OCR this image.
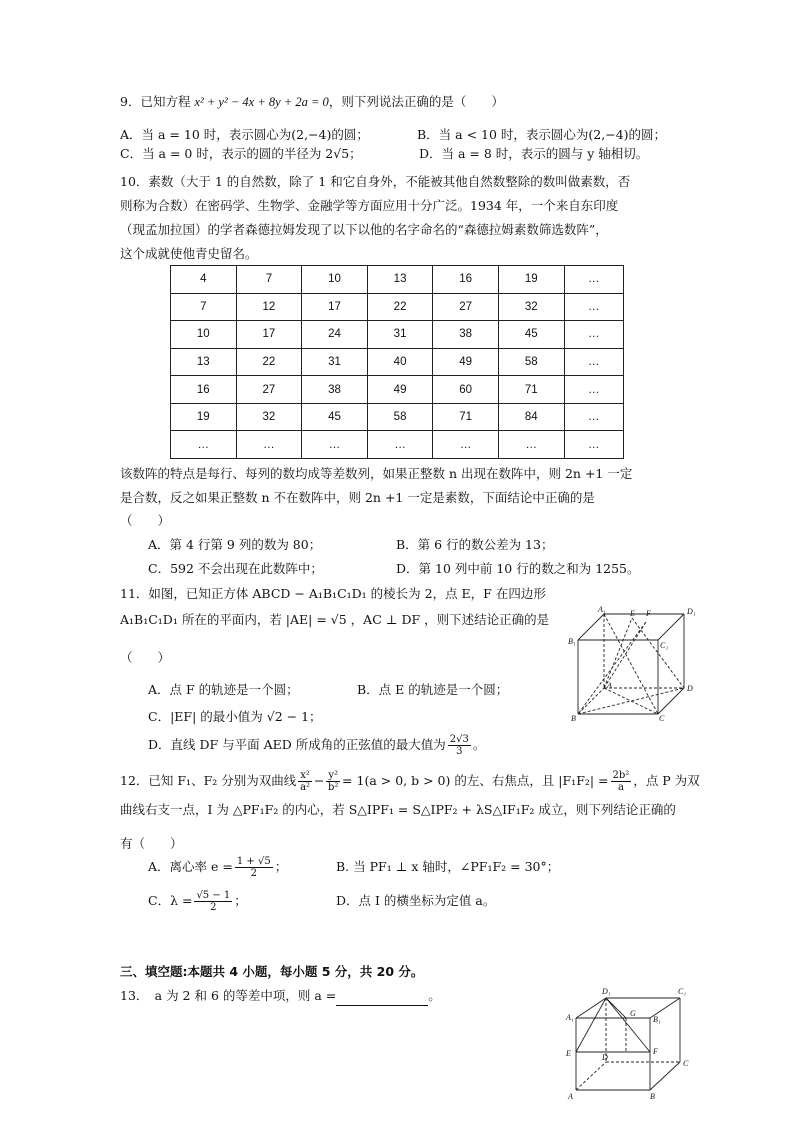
9．已知方程 x² + y² − 4x + 8y + 2a = 0，则下列说法正确的是（　　）
A．当 a = 10 时，表示圆心为(2,−4)的圆；	B．当 a < 10 时，表示圆心为(2,−4)的圆；
C．当 a = 0 时，表示的圆的半径为 2√5；	D．当 a = 8 时，表示的圆与 y 轴相切。
10．素数（大于 1 的自然数，除了 1 和它自身外，不能被其他自然数整除的数叫做素数，否
则称为合数）在密码学、生物学、金融学等方面应用十分广泛。1934 年，一个来自东印度
（现孟加拉国）的学者森德拉姆发现了以下以他的名字命名的“森德拉姆素数筛选数阵”，
这个成就使他青史留名。
4	7	10	13	16	19	…
7	12	17	22	27	32	…
10	17	24	31	38	45	…
13	22	31	40	49	58	…
16	27	38	49	60	71	…
19	32	45	58	71	84	…
…	…	…	…	…	…	…
该数阵的特点是每行、每列的数均成等差数列，如果正整数 n 出现在数阵中，则 2n +1 一定
是合数，反之如果正整数 n 不在数阵中，则 2n +1 一定是素数，下面结论中正确的是
（　　）
A．第 4 行第 9 列的数为 80；	B．第 6 行的数公差为 13；
C．592 不会出现在此数阵中；	D．第 10 列中前 10 行的数之和为 1255。
11．如图，已知正方体 ABCD − A₁B₁C₁D₁ 的棱长为 2，点 E，F 在四边形
A₁B₁C₁D₁ 所在的平面内，若 |AE| = √5 ，AC ⊥ DF ，则下述结论正确的是
（　　）
A．点 F 的轨迹是一个圆；	B．点 E 的轨迹是一个圆；
C．|EF| 的最小值为 √2 − 1；
D．直线 DF 与平面 AED 所成角的正弦值的最大值为 $\frac{2√3}{3}$ 。
A₁	E F	D₁
B₁	C₁
A	D
B	C
12．已知 F₁、F₂ 分别为双曲线 $\frac{\text{x²}}{\text{a²}} - \frac{\text{y²}}{\text{b²}} = 1(a > 0$, b > 0) 的左、右焦点，且 $|F_1F_2| = \frac{\text{2b²}}{a}$ ，点 P 为双
曲线右支一点，I 为 △PF₁F₂ 的内心，若 S△IPF₁ = S△IPF₂ + λS△IF₁F₂ 成立，则下列结论正确的
有（　　）
A．离心率 $e = \frac{1 + √5}{2}$ ；	B. 当 PF₁ ⊥ x 轴时，∠PF₁F₂ = 30°；
C．$\lambda = \frac{√5 - 1}{2}$ ；	D．点 I 的横坐标为定值 a。
三、填空题:本题共 4 小题，每小题 5 分，共 20 分。
13．　a 为 2 和 6 的等差中项，则 a =	。	D₁	C₁
A₁	G
B₁
E	D
F
C
A	B
